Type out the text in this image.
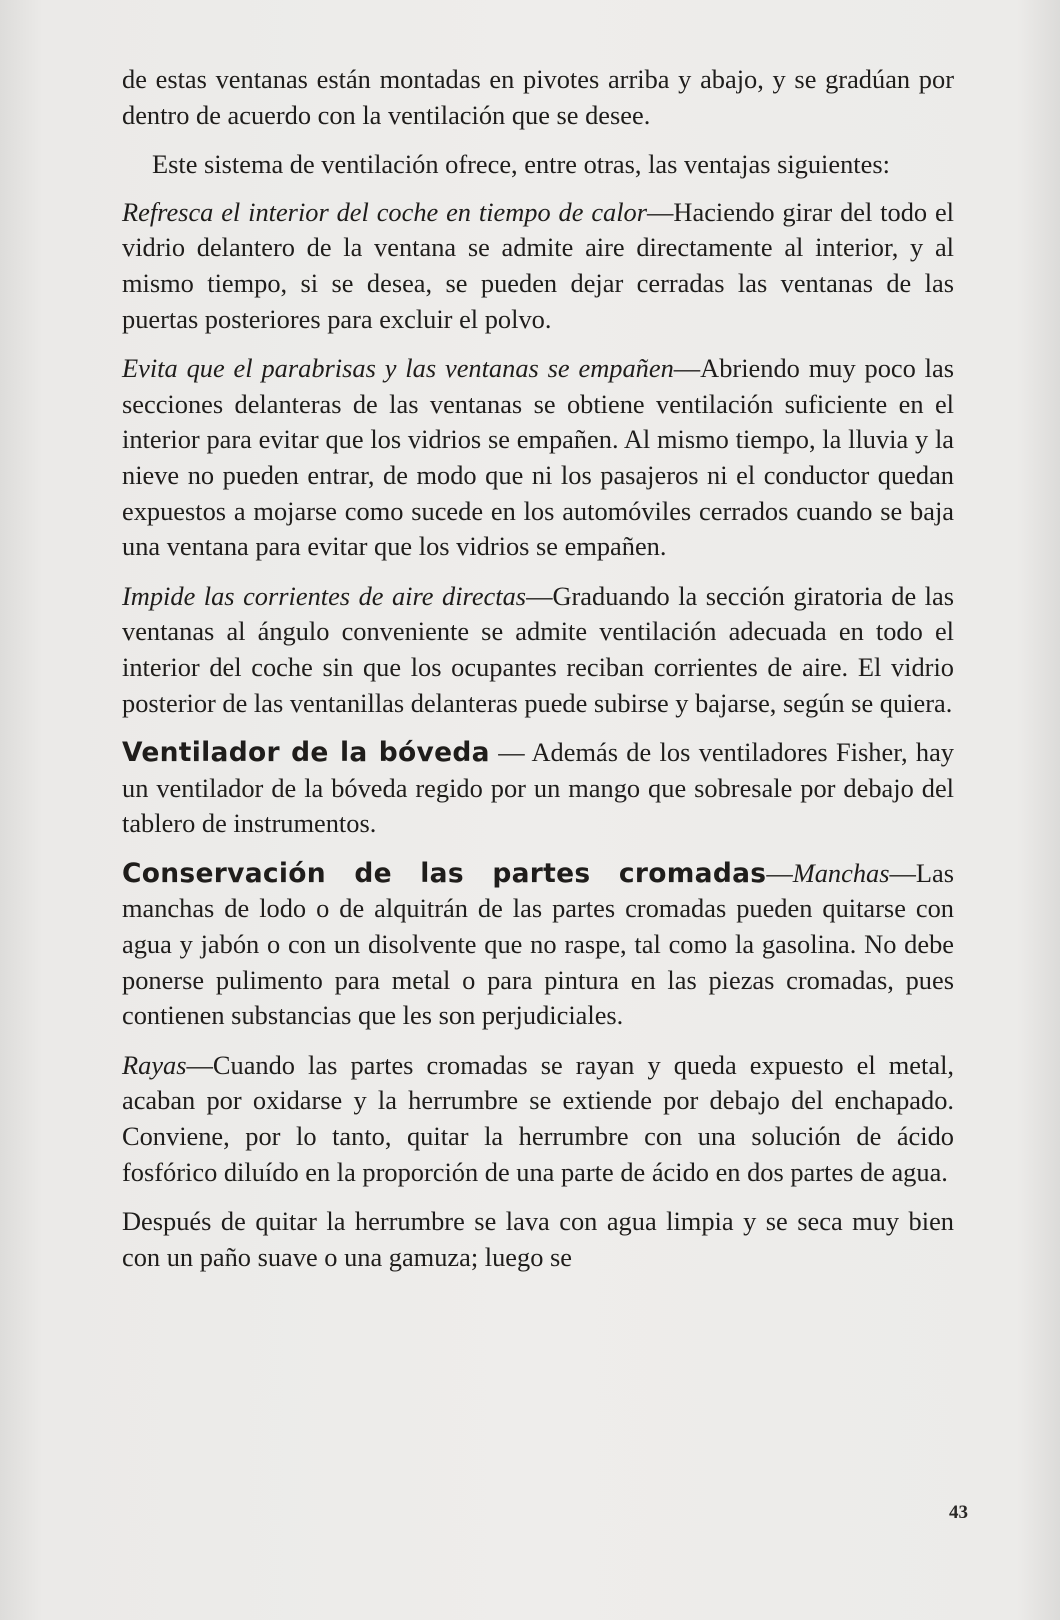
de estas ventanas están montadas en pivotes arriba y abajo, y se gradúan por dentro de acuerdo con la ventilación que se desee.

Este sistema de ventilación ofrece, entre otras, las ventajas siguientes:

Refresca el interior del coche en tiempo de calor—Haciendo girar del todo el vidrio delantero de la ventana se admite aire directamente al interior, y al mismo tiempo, si se desea, se pueden dejar cerradas las ventanas de las puertas posteriores para excluir el polvo.

Evita que el parabrisas y las ventanas se empañen—Abriendo muy poco las secciones delanteras de las ventanas se obtiene ventilación suficiente en el interior para evitar que los vidrios se empañen. Al mismo tiempo, la lluvia y la nieve no pueden entrar, de modo que ni los pasajeros ni el conductor quedan expuestos a mojarse como sucede en los automóviles cerrados cuando se baja una ventana para evitar que los vidrios se empañen.

Impide las corrientes de aire directas—Graduando la sección giratoria de las ventanas al ángulo conveniente se admite ventilación adecuada en todo el interior del coche sin que los ocupantes reciban corrientes de aire. El vidrio posterior de las ventanillas delanteras puede subirse y bajarse, según se quiera.

Ventilador de la bóveda — Además de los ventiladores Fisher, hay un ventilador de la bóveda regido por un mango que sobresale por debajo del tablero de instrumentos.

Conservación de las partes cromadas—Manchas—Las manchas de lodo o de alquitrán de las partes cromadas pueden quitarse con agua y jabón o con un disolvente que no raspe, tal como la gasolina. No debe ponerse pulimento para metal o para pintura en las piezas cromadas, pues contienen substancias que les son perjudiciales.

Rayas—Cuando las partes cromadas se rayan y queda expuesto el metal, acaban por oxidarse y la herrumbre se extiende por debajo del enchapado. Conviene, por lo tanto, quitar la herrumbre con una solución de ácido fosfórico diluído en la proporción de una parte de ácido en dos partes de agua.

Después de quitar la herrumbre se lava con agua limpia y se seca muy bien con un paño suave o una gamuza; luego se

43
